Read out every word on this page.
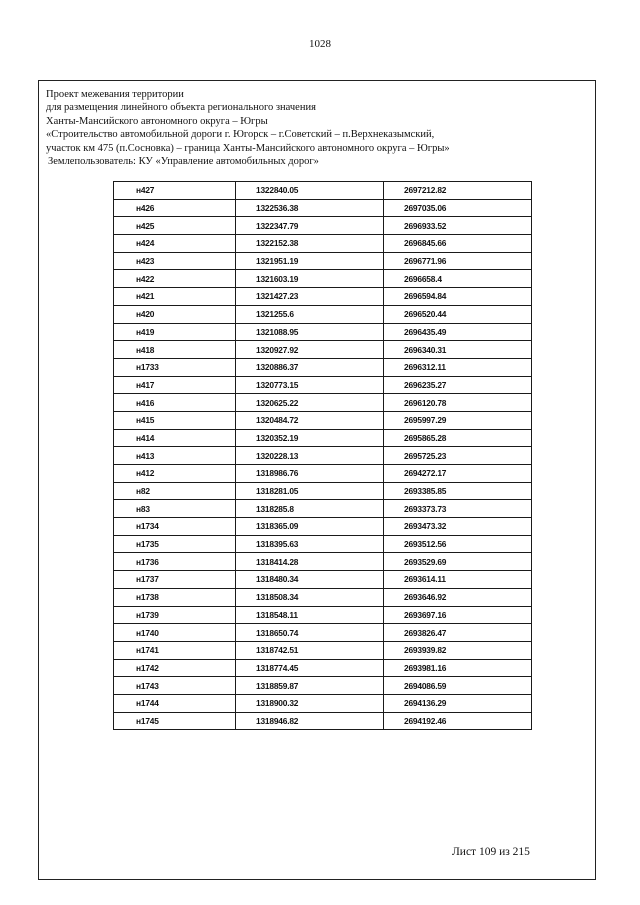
1028
Проект межевания территории
для размещения линейного объекта регионального значения
Ханты-Мансийского автономного округа – Югры
«Строительство автомобильной дороги г. Югорск – г.Советский – п.Верхнеказымский,
участок км 475 (п.Сосновка) – граница Ханты-Мансийского автономного округа – Югры»
Землепользователь: КУ «Управление автомобильных дорог»
н427	1322840.05	2697212.82
н426	1322536.38	2697035.06
н425	1322347.79	2696933.52
н424	1322152.38	2696845.66
н423	1321951.19	2696771.96
н422	1321603.19	2696658.4
н421	1321427.23	2696594.84
н420	1321255.6	2696520.44
н419	1321088.95	2696435.49
н418	1320927.92	2696340.31
н1733	1320886.37	2696312.11
н417	1320773.15	2696235.27
н416	1320625.22	2696120.78
н415	1320484.72	2695997.29
н414	1320352.19	2695865.28
н413	1320228.13	2695725.23
н412	1318986.76	2694272.17
н82	1318281.05	2693385.85
н83	1318285.8	2693373.73
н1734	1318365.09	2693473.32
н1735	1318395.63	2693512.56
н1736	1318414.28	2693529.69
н1737	1318480.34	2693614.11
н1738	1318508.34	2693646.92
н1739	1318548.11	2693697.16
н1740	1318650.74	2693826.47
н1741	1318742.51	2693939.82
н1742	1318774.45	2693981.16
н1743	1318859.87	2694086.59
н1744	1318900.32	2694136.29
н1745	1318946.82	2694192.46
Лист 109 из 215
